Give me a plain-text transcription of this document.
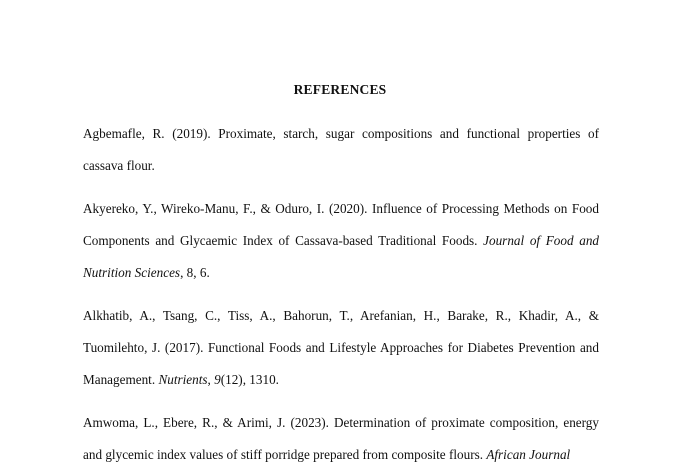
REFERENCES

Agbemafle, R. (2019). Proximate, starch, sugar compositions and functional properties of cassava flour.

Akyereko, Y., Wireko-Manu, F., & Oduro, I. (2020). Influence of Processing Methods on Food Components and Glycaemic Index of Cassava-based Traditional Foods. Journal of Food and Nutrition Sciences, 8, 6.

Alkhatib, A., Tsang, C., Tiss, A., Bahorun, T., Arefanian, H., Barake, R., Khadir, A., & Tuomilehto, J. (2017). Functional Foods and Lifestyle Approaches for Diabetes Prevention and Management. Nutrients, 9(12), 1310.

Amwoma, L., Ebere, R., & Arimi, J. (2023). Determination of proximate composition, energy and glycemic index values of stiff porridge prepared from composite flours. African Journal
